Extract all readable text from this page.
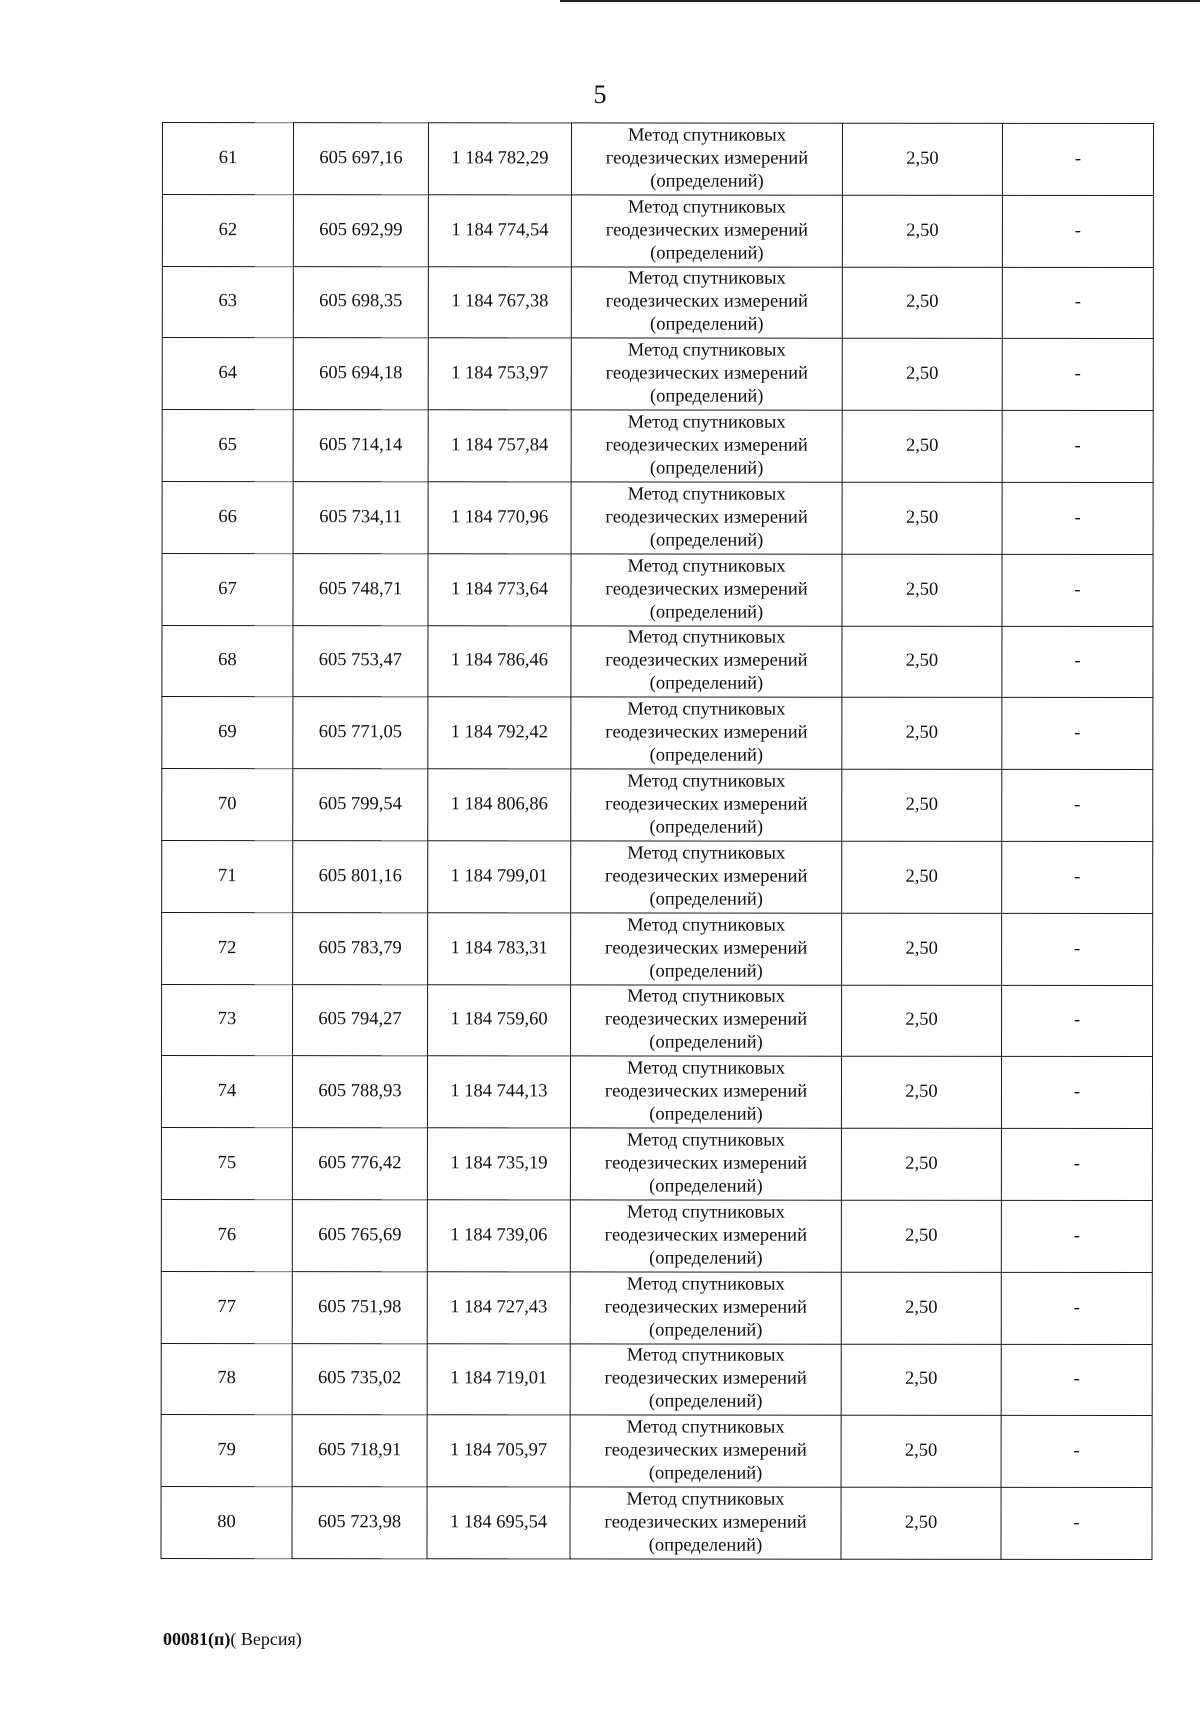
5
61	605 697,16	1 184 782,29	Метод спутниковых
геодезических измерений
(определений)	2,50	-
62	605 692,99	1 184 774,54	Метод спутниковых
геодезических измерений
(определений)	2,50	-
63	605 698,35	1 184 767,38	Метод спутниковых
геодезических измерений
(определений)	2,50	-
64	605 694,18	1 184 753,97	Метод спутниковых
геодезических измерений
(определений)	2,50	-
65	605 714,14	1 184 757,84	Метод спутниковых
геодезических измерений
(определений)	2,50	-
66	605 734,11	1 184 770,96	Метод спутниковых
геодезических измерений
(определений)	2,50	-
67	605 748,71	1 184 773,64	Метод спутниковых
геодезических измерений
(определений)	2,50	-
68	605 753,47	1 184 786,46	Метод спутниковых
геодезических измерений
(определений)	2,50	-
69	605 771,05	1 184 792,42	Метод спутниковых
геодезических измерений
(определений)	2,50	-
70	605 799,54	1 184 806,86	Метод спутниковых
геодезических измерений
(определений)	2,50	-
71	605 801,16	1 184 799,01	Метод спутниковых
геодезических измерений
(определений)	2,50	-
72	605 783,79	1 184 783,31	Метод спутниковых
геодезических измерений
(определений)	2,50	-
73	605 794,27	1 184 759,60	Метод спутниковых
геодезических измерений
(определений)	2,50	-
74	605 788,93	1 184 744,13	Метод спутниковых
геодезических измерений
(определений)	2,50	-
75	605 776,42	1 184 735,19	Метод спутниковых
геодезических измерений
(определений)	2,50	-
76	605 765,69	1 184 739,06	Метод спутниковых
геодезических измерений
(определений)	2,50	-
77	605 751,98	1 184 727,43	Метод спутниковых
геодезических измерений
(определений)	2,50	-
78	605 735,02	1 184 719,01	Метод спутниковых
геодезических измерений
(определений)	2,50	-
79	605 718,91	1 184 705,97	Метод спутниковых
геодезических измерений
(определений)	2,50	-
80	605 723,98	1 184 695,54	Метод спутниковых
геодезических измерений
(определений)	2,50	-
00081(п)( Версия)
